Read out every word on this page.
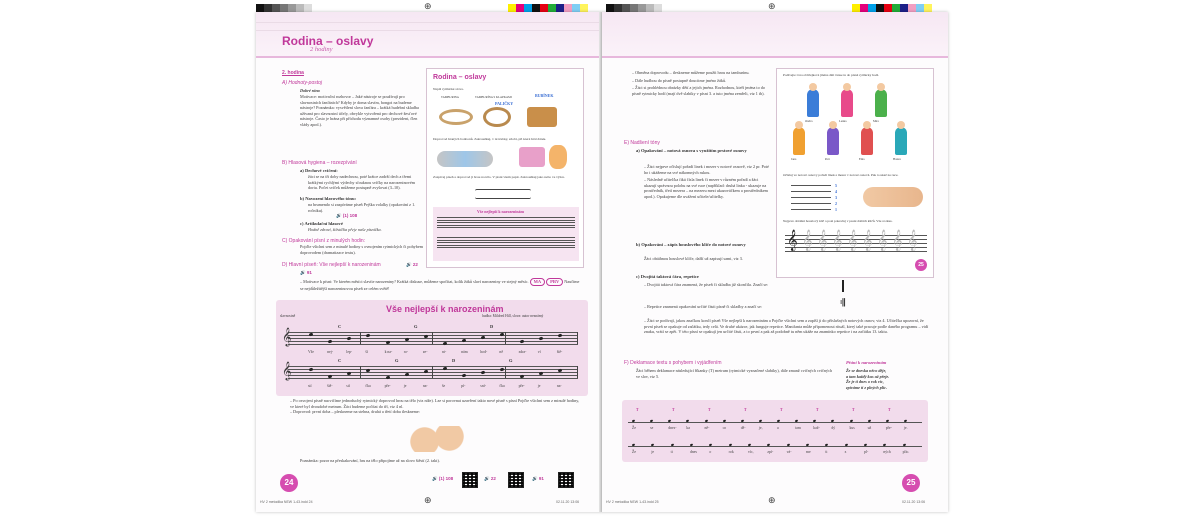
⊕	⊕
Rodina – oslavy
2 hodiny
2. hodina
A) Hodnoty-postoj
Dobré ráno
Motivace: motivační rozhovor – Jaké nástroje se používají pro slavnostních fanfárách? Kdyby je doma slavím, bongoi na budeme nástroje? Poznámka: vysvětlení slova fanfára – krátká hudební skladba užívaná pro slavnostní účely, obvykle vytvořená pro dechové žesťové nástroje. Často je hrána při příchodu významné osoby (prezident, člen vlády apod.).
B) Hlasová hygiena – rozezpívání
a) Dechové cvičení:
žáci se na tři doby nadechnou, poté krátce zadrží dech a třemi krátkými rychlými výdechy sfouknou svíčky na narozeninovém dortu. Počet svíček můžeme postupně zvyšovat (3–10).
b) Navození hlavového tónu:
na brumendo si zazpívámе píseň Pejška volalky (opakování z 1. ročníku).
🔊 (1) 108
c) Artikulační hlasové
Hodně zdraví, štěstíčka přeje naše písnička.
C) Opakování písní z minulých hodin:
Pojďte všichni sem z minulé hodiny s ovnojením rytmických či pohybem doprovodem (dramatizace textu).
D) Hlavní píseň: Vše nejlepší k narozeninám	🔊 22
🔊 91
– Motivace k písni: Ve kterém měsíci slavíte narozeniny? Krátká diskuse, můžeme spočítat, kolik žáků slaví narozeniny ve stejný měsíc. MA PRV Naučíme se nejdůležitější narozeninovou píseň ze celém světě!
Rodina – oslavy
Napiš rytmické slova.
TAMBURINA	TAMBURÍNA S KLAPKAMI	BUBÍNEK
PALIČKY
Doprovod hraných bonbonů. Zakroužkuj, v ní trubky, zdobí, při které hrál dárek.
Zazpívej píseň a doprovod ji hrou na tělo. V písni všem papír. Zakroužkuj jako nebo ve výšce.
Vše nejlepší k narozeninám
Vše nejlepší k narozeninám
slavnostně	hudba: Mildred Hill, slova: autor neznámý
𝄞
𝄞
Vše	nej-	lep-	ší	k na-	ro-	ze-	ni-	nám	hod-	ně	zdra-	ví	ště-
C	G	D
stí	ště-	stí	čka	pře-	je	na-	še	pí-	sní-	čka	pře-	je	na-
C	G	D	G
– Po osvojení písně nacvičíme jednoduchý rytmický doprovod hrou na tělo (viz níže). Lze si porovnat uzavření takto nové písně s písní Pojďte všichni sem z minulé hodiny, ve které byl dvoudobé metrum. Žáci budeme počítat do tří, viz 4 nl.
– Doprovod: první doba – pleskneme na stehna, druhá a třetí doba tleskneme:
Poznámka: pozor na přeskakování, hru na tělo připojíme až na slovo štěstí (2. takt).
24	🔊 (1) 108	🔊 22	🔊 91
HV 2 metodika NEW 1-43.indd 24	02.11.20 13:06
– Obměna doprovodu – tleskneme můžeme použít hrou na tamburínu.
– Dále hudbou do písně postupně doucitme jméno žáků.
– Žáci si prohlédnou obrázky dětí a jejich jména. Rozhodnou, kteří jména to do písně rytmicky hodí (mají dvě slabiky v písni 3. a tuto jména zemřeli, viz 1 tb).
E) Nadšení tóny
a) Opakování – notová osnova s využitím prstové osnovy
– Žáci nejprve očíslují pořadí linek i mezer v notové osnově, viz 2 pr. Poté ho i ukážeme na své nákomných rukou.
– Následně učitel/ka fiká čísla linek či mezer v různém pořadí a žáci ukazují správnou polohu na své ruce (například: druhá linka - ukazuje na prostředník, třetí mezera – na mezeru mezi ukazováčkem a prostředníkem apod.). Opakujeme dle uvážení učitele/učitelky.
b) Opakování – zápis houslového klíče do notové osnovy
Žáci obtáhnou houslové klíče, další už zapisují sami, viz 3.
c) Dvojitá taktová čára, repetice
– Dvojitá taktová čára znamená, že píseň či skladba již skončila. Značí se:
– Repetice znamená opakování určité části písně či skladby a značí se:	𝄇
– Žáci se podívají, jakou značkou končí píseň Vše nejlepší k narozeninám a Pojďte všichni sem a zapíší ji do příslušných notových osnov, viz 4. Učitel/ka upozorní, že první píseň se opakuje od začátku, tedy celá. Ve druhé ukázce, jak funguje repetice. Manifanta může připomenout rituál, který také pracuje podle daného programu – vidí znaku, vrátí se zpět. V této písní se opakují jen určité části, a to první a pak až podobně tu něm ukáže na znamínko repetice i na začátku 13. taktu.
F) Deklamace textu s pohybem i vyjádřením
Žáci během deklamace následující říkanky (T) metrum (rytmické vyznačené slabiky), dále zmanž cvičných cvičných ve slov, viz 5.
Přání k narozeninám
Že se dneska něco děje,
a tam každý kus už přeje.
Že je ti dnes o rok víc,
zpíváme ti z plných plic.
Že	se	dnes-	ka	ně-	co	dě-	je,	a	tam	kaž-	dý	kus	už	pře-	je.
Že	je	ti	dnes	o	rok	víc,	zpí-	vá-	me	ti	z	pl-	ných	plic.
T	T	T	T	T	T	T	T
Podívejte ti na obličejkové jména dětí Janse tu do písně rytmicky hodí.
Ondra	Lenka	Míra
Jana	Petr	Ema	Honza
Očísluj ve notové osnovy pořadí linek a mezer v notové osnově. Pak to ukaž na ruce.
5
4
3
2
1
Nejprve obtáhni houslový klíč a poté pokračuj v psaní dalších klíčů. Vše si zkus.
𝄞 𝄞 𝄞 𝄞 𝄞 𝄞 𝄞 𝄞 𝄞
25
25
HV 2 metodika NEW 1-43.indd 25	02.11.20 13:06
⊕	⊕
